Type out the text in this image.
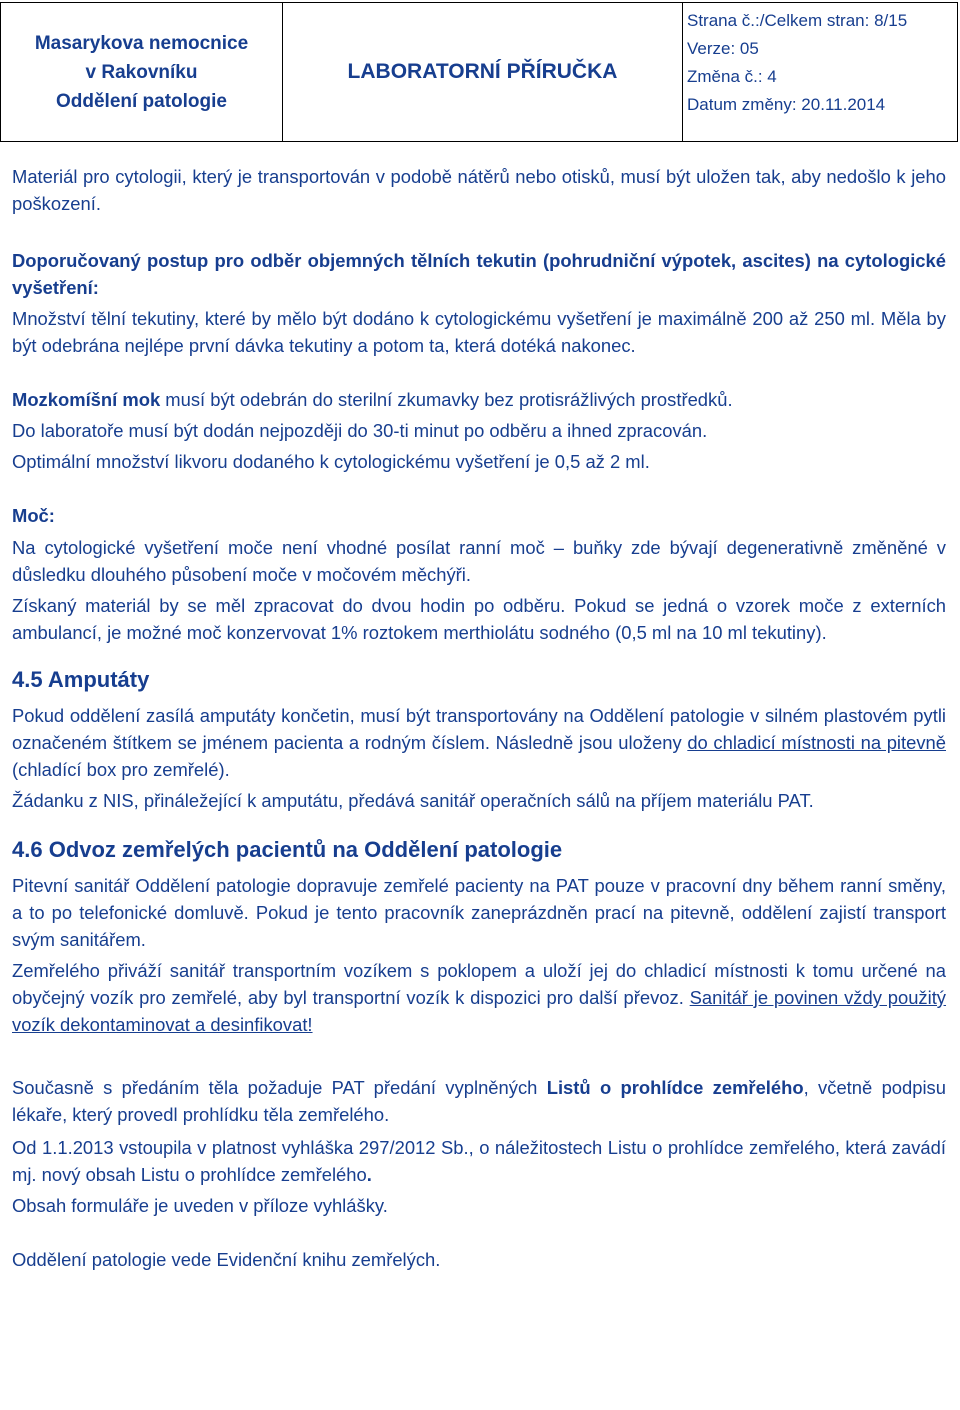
Masarykova nemocnice
v Rakovníku
Oddělení patologie
LABORATORNÍ PŘÍRUČKA
Strana č.:/Celkem stran: 8/15
Verze: 05
Změna č.: 4
Datum změny: 20.11.2014

Materiál pro cytologii, který je transportován v podobě nátěrů nebo otisků, musí být uložen tak, aby nedošlo k jeho poškození.

Doporučovaný postup pro odběr objemných tělních tekutin (pohrudniční výpotek, ascites) na cytologické vyšetření:

Množství tělní tekutiny, které by mělo být dodáno k cytologickému vyšetření je maximálně 200 až 250 ml. Měla by být odebrána nejlépe první dávka tekutiny a potom ta, která dotéká nakonec.

Mozkomíšní mok musí být odebrán do sterilní zkumavky bez protisrážlivých prostředků.

Do laboratoře musí být dodán nejpozději do 30-ti minut po odběru a ihned zpracován.

Optimální množství likvoru dodaného k cytologickému vyšetření je 0,5 až 2 ml.

Moč:

Na cytologické vyšetření moče není vhodné posílat ranní moč – buňky zde bývají degenerativně změněné v důsledku dlouhého působení moče v močovém měchýři.

Získaný materiál by se měl zpracovat do dvou hodin po odběru. Pokud se jedná o vzorek moče z externích ambulancí, je možné moč konzervovat 1% roztokem merthiolátu sodného (0,5 ml na 10 ml tekutiny).

4.5 Amputáty

Pokud oddělení zasílá amputáty končetin, musí být transportovány na Oddělení patologie v silném plastovém pytli označeném štítkem se jménem pacienta a rodným číslem. Následně jsou uloženy do chladicí místnosti na pitevně (chladící box pro zemřelé).

Žádanku z NIS, přináležející k amputátu, předává sanitář operačních sálů na příjem materiálu PAT.

4.6 Odvoz zemřelých pacientů na Oddělení patologie

Pitevní sanitář Oddělení patologie dopravuje zemřelé pacienty na PAT pouze v pracovní dny během ranní směny, a to po telefonické domluvě. Pokud je tento pracovník zaneprázdněn prací na pitevně, oddělení zajistí transport svým sanitářem.

Zemřelého přiváží sanitář transportním vozíkem s poklopem a uloží jej do chladicí místnosti k tomu určené na obyčejný vozík pro zemřelé, aby byl transportní vozík k dispozici pro další převoz. Sanitář je povinen vždy použitý vozík dekontaminovat a desinfikovat!

Současně s předáním těla požaduje PAT předání vyplněných Listů o prohlídce zemřelého, včetně podpisu lékaře, který provedl prohlídku těla zemřelého.

Od 1.1.2013 vstoupila v platnost vyhláška 297/2012 Sb., o náležitostech Listu o prohlídce zemřelého, která zavádí mj. nový obsah Listu o prohlídce zemřelého.

Obsah formuláře je uveden v příloze vyhlášky.

Oddělení patologie vede Evidenční knihu zemřelých.
